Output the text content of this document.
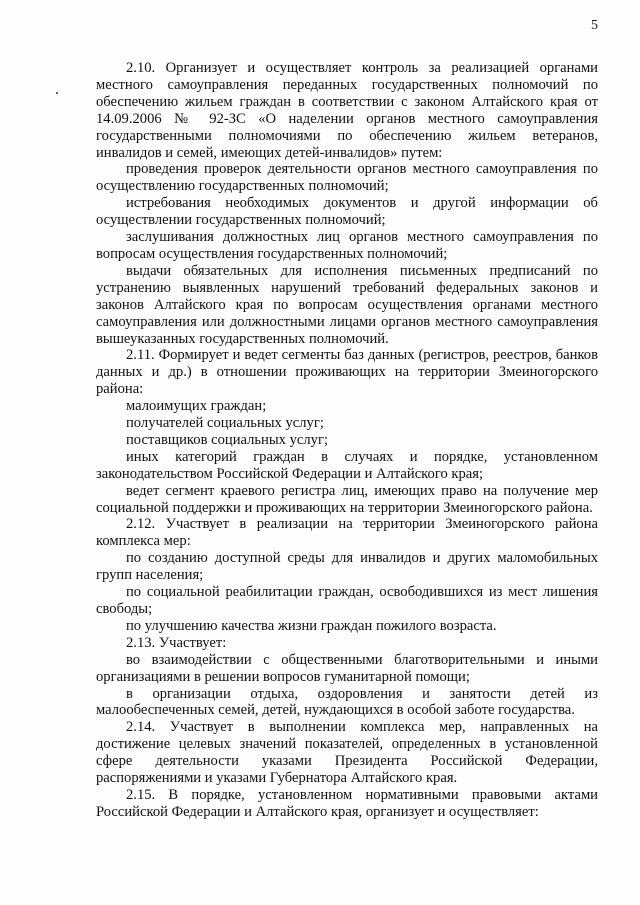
5

2.10. Организует и осуществляет контроль за реализацией органами местного самоуправления переданных государственных полномочий по обеспечению жильем граждан в соответствии с законом Алтайского края от 14.09.2006 № 92-ЗС «О наделении органов местного самоуправления государственными полномочиями по обеспечению жильем ветеранов, инвалидов и семей, имеющих детей-инвалидов» путем:

проведения проверок деятельности органов местного самоуправления по осуществлению государственных полномочий;

истребования необходимых документов и другой информации об осуществлении государственных полномочий;

заслушивания должностных лиц органов местного самоуправления по вопросам осуществления государственных полномочий;

выдачи обязательных для исполнения письменных предписаний по устранению выявленных нарушений требований федеральных законов и законов Алтайского края по вопросам осуществления органами местного самоуправления или должностными лицами органов местного самоуправления вышеуказанных государственных полномочий.

2.11. Формирует и ведет сегменты баз данных (регистров, реестров, банков данных и др.) в отношении проживающих на территории Змеиногорского района:

малоимущих граждан;

получателей социальных услуг;

поставщиков социальных услуг;

иных категорий граждан в случаях и порядке, установленном законодательством Российской Федерации и Алтайского края;

ведет сегмент краевого регистра лиц, имеющих право на получение мер социальной поддержки и проживающих на территории Змеиногорского района.

2.12. Участвует в реализации на территории Змеиногорского района комплекса мер:

по созданию доступной среды для инвалидов и других маломобильных групп населения;

по социальной реабилитации граждан, освободившихся из мест лишения свободы;

по улучшению качества жизни граждан пожилого возраста.

2.13. Участвует:

во взаимодействии с общественными благотворительными и иными организациями в решении вопросов гуманитарной помощи;

в организации отдыха, оздоровления и занятости детей из малообеспеченных семей, детей, нуждающихся в особой заботе государства.

2.14. Участвует в выполнении комплекса мер, направленных на достижение целевых значений показателей, определенных в установленной сфере деятельности указами Президента Российской Федерации, распоряжениями и указами Губернатора Алтайского края.

2.15. В порядке, установленном нормативными правовыми актами Российской Федерации и Алтайского края, организует и осуществляет:
